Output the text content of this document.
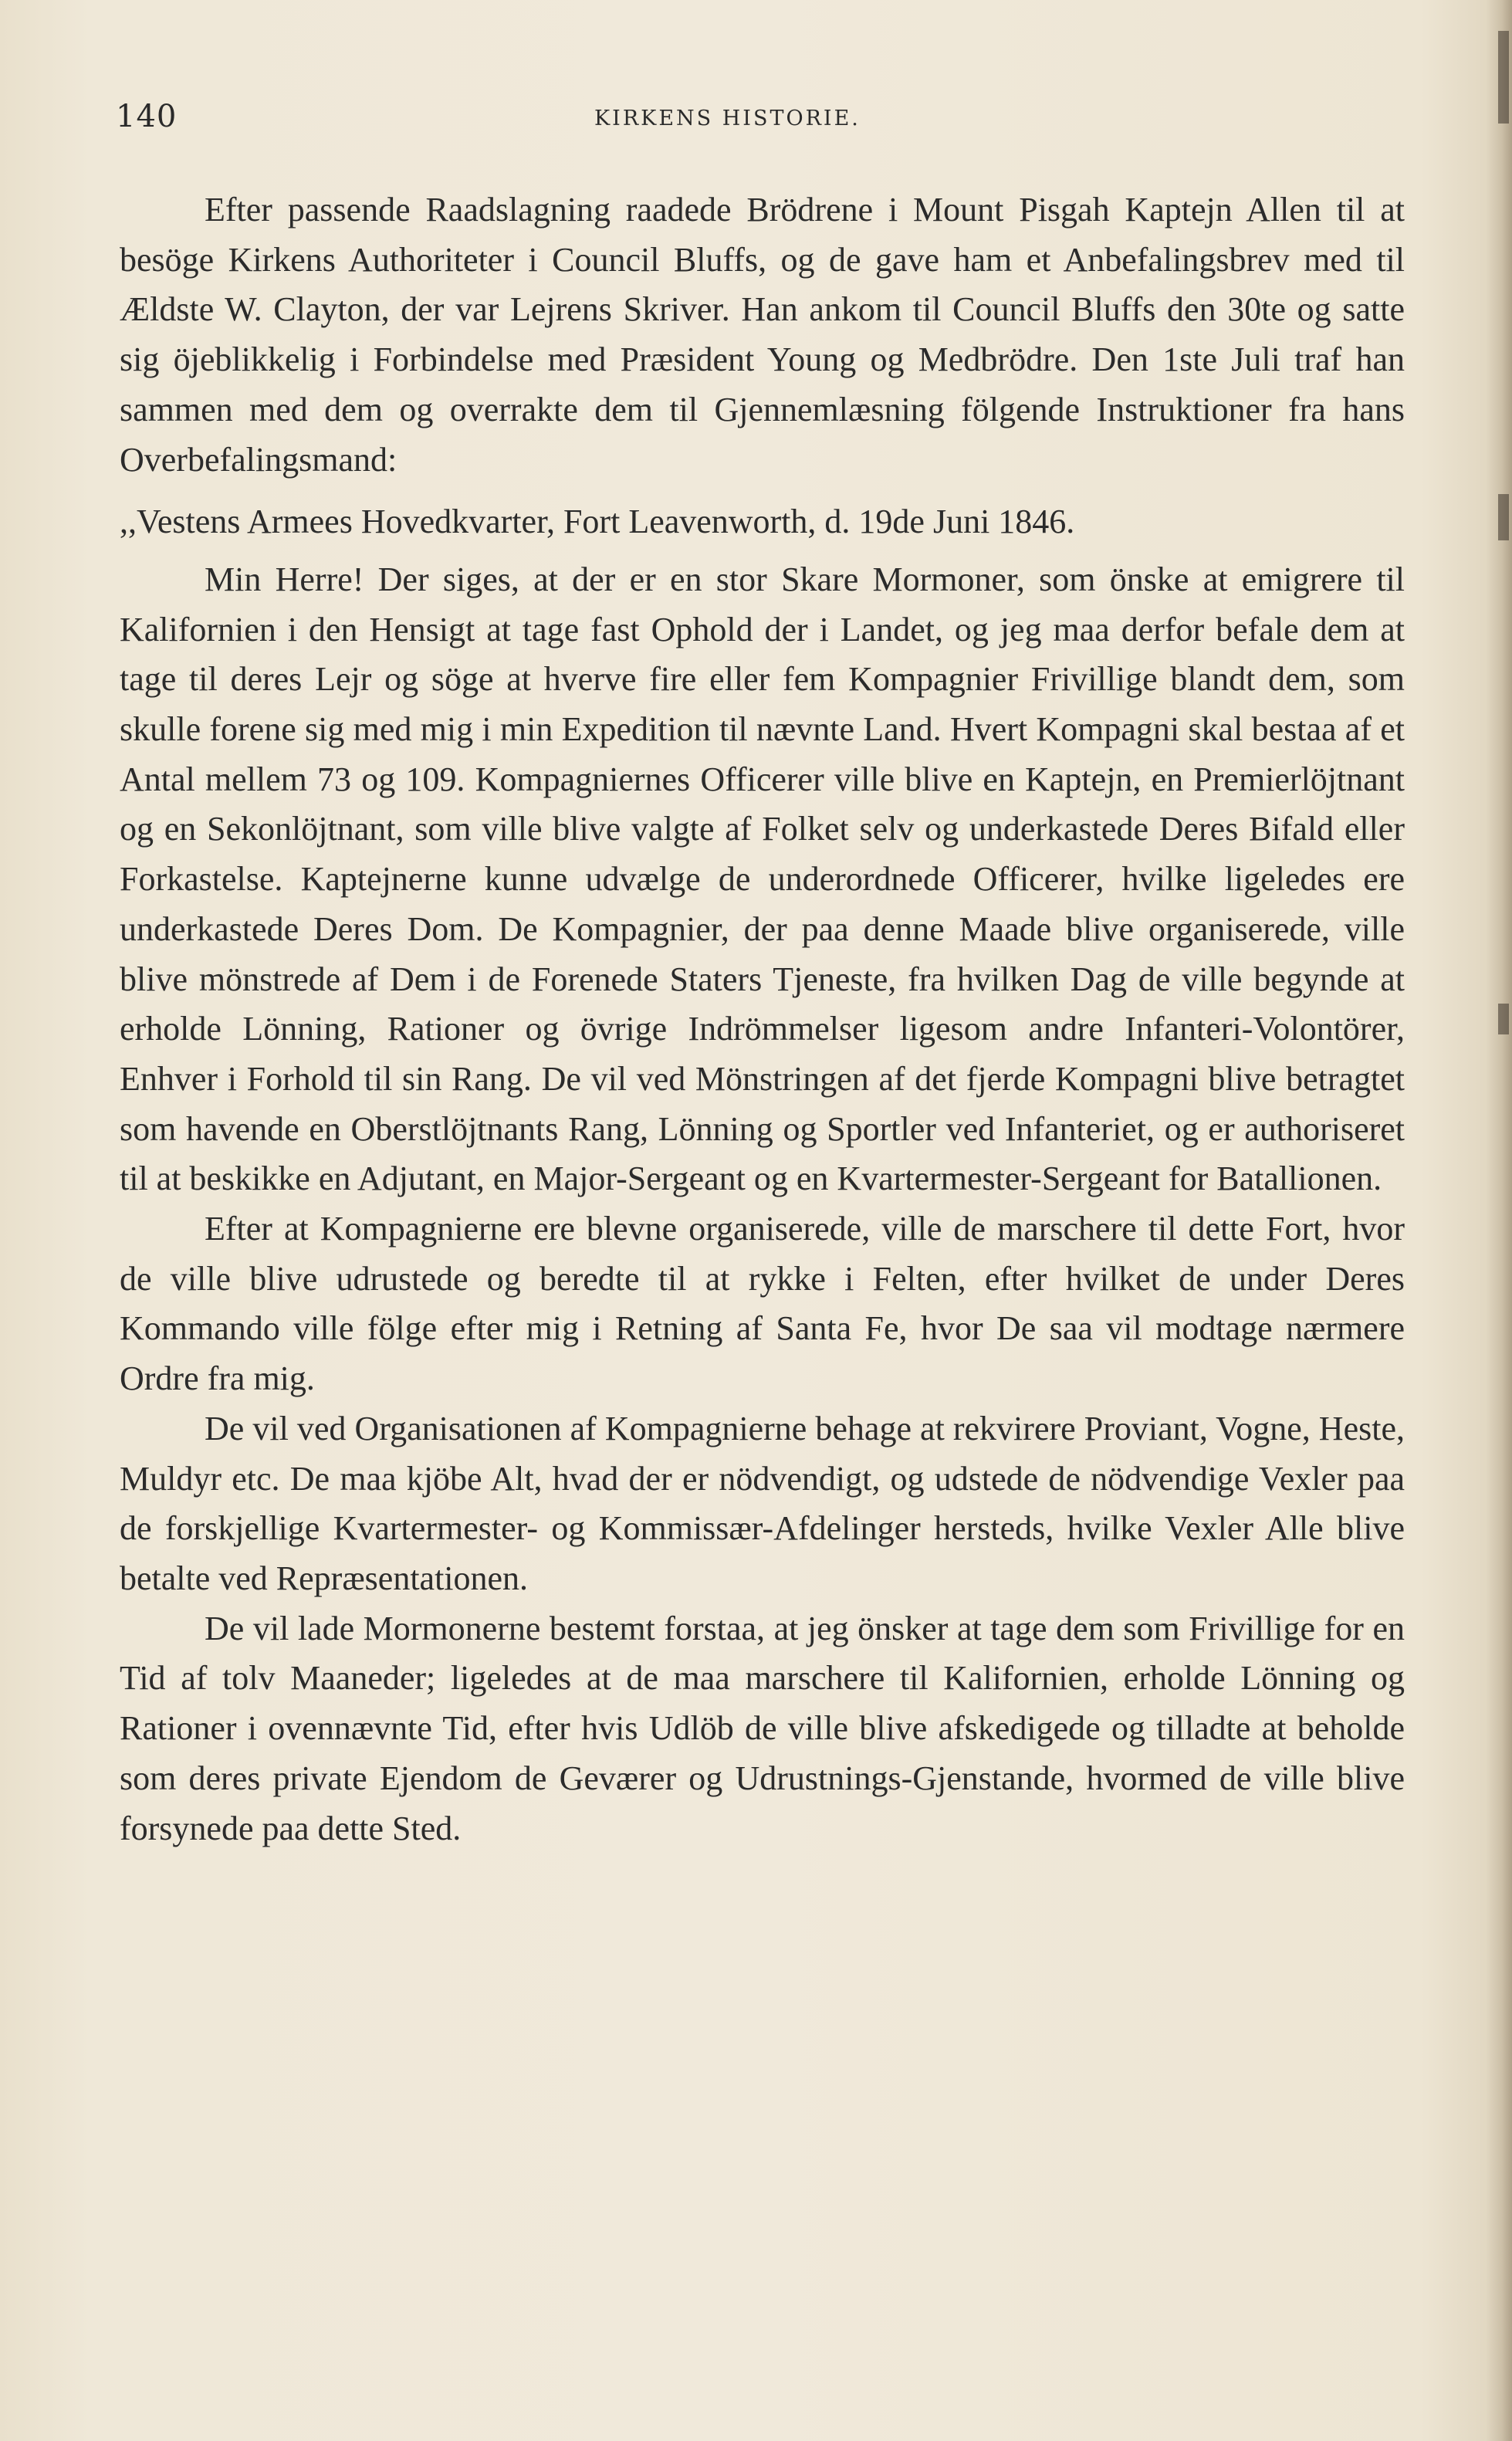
140	KIRKENS HISTORIE.

Efter passende Raadslagning raadede Brödrene i Mount Pisgah Kaptejn Allen til at besöge Kirkens Authoriteter i Council Bluffs, og de gave ham et Anbefalingsbrev med til Ældste W. Clayton, der var Lejrens Skriver. Han ankom til Council Bluffs den 30te og satte sig öjeblikkelig i Forbindelse med Præsident Young og Medbrödre. Den 1ste Juli traf han sammen med dem og overrakte dem til Gjennemlæsning fölgende Instruktioner fra hans Overbefalingsmand:

,,Vestens Armees Hovedkvarter, Fort Leavenworth, d. 19de Juni 1846.

Min Herre! Der siges, at der er en stor Skare Mormoner, som önske at emigrere til Kalifornien i den Hensigt at tage fast Ophold der i Landet, og jeg maa derfor befale dem at tage til deres Lejr og söge at hverve fire eller fem Kompagnier Frivillige blandt dem, som skulle forene sig med mig i min Expedition til nævnte Land. Hvert Kompagni skal bestaa af et Antal mellem 73 og 109. Kompagniernes Officerer ville blive en Kaptejn, en Premierlöjtnant og en Sekonlöjtnant, som ville blive valgte af Folket selv og underkastede Deres Bifald eller Forkastelse. Kaptejnerne kunne udvælge de underordnede Officerer, hvilke ligeledes ere underkastede Deres Dom. De Kompagnier, der paa denne Maade blive organiserede, ville blive mönstrede af Dem i de Forenede Staters Tjeneste, fra hvilken Dag de ville begynde at erholde Lönning, Rationer og övrige Indrömmelser ligesom andre Infanteri-Volontörer, Enhver i Forhold til sin Rang. De vil ved Mönstringen af det fjerde Kompagni blive betragtet som havende en Oberstlöjtnants Rang, Lönning og Sportler ved Infanteriet, og er authoriseret til at beskikke en Adjutant, en Major-Sergeant og en Kvartermester-Sergeant for Batallionen.

Efter at Kompagnierne ere blevne organiserede, ville de marschere til dette Fort, hvor de ville blive udrustede og beredte til at rykke i Felten, efter hvilket de under Deres Kommando ville fölge efter mig i Retning af Santa Fe, hvor De saa vil modtage nærmere Ordre fra mig.

De vil ved Organisationen af Kompagnierne behage at rekvirere Proviant, Vogne, Heste, Muldyr etc. De maa kjöbe Alt, hvad der er nödvendigt, og udstede de nödvendige Vexler paa de forskjellige Kvartermester- og Kommissær-Afdelinger hersteds, hvilke Vexler Alle blive betalte ved Repræsentationen.

De vil lade Mormonerne bestemt forstaa, at jeg önsker at tage dem som Frivillige for en Tid af tolv Maaneder; ligeledes at de maa marschere til Kalifornien, erholde Lönning og Rationer i ovennævnte Tid, efter hvis Udlöb de ville blive afskedigede og tilladte at beholde som deres private Ejendom de Geværer og Udrustnings-Gjenstande, hvormed de ville blive forsynede paa dette Sted.
